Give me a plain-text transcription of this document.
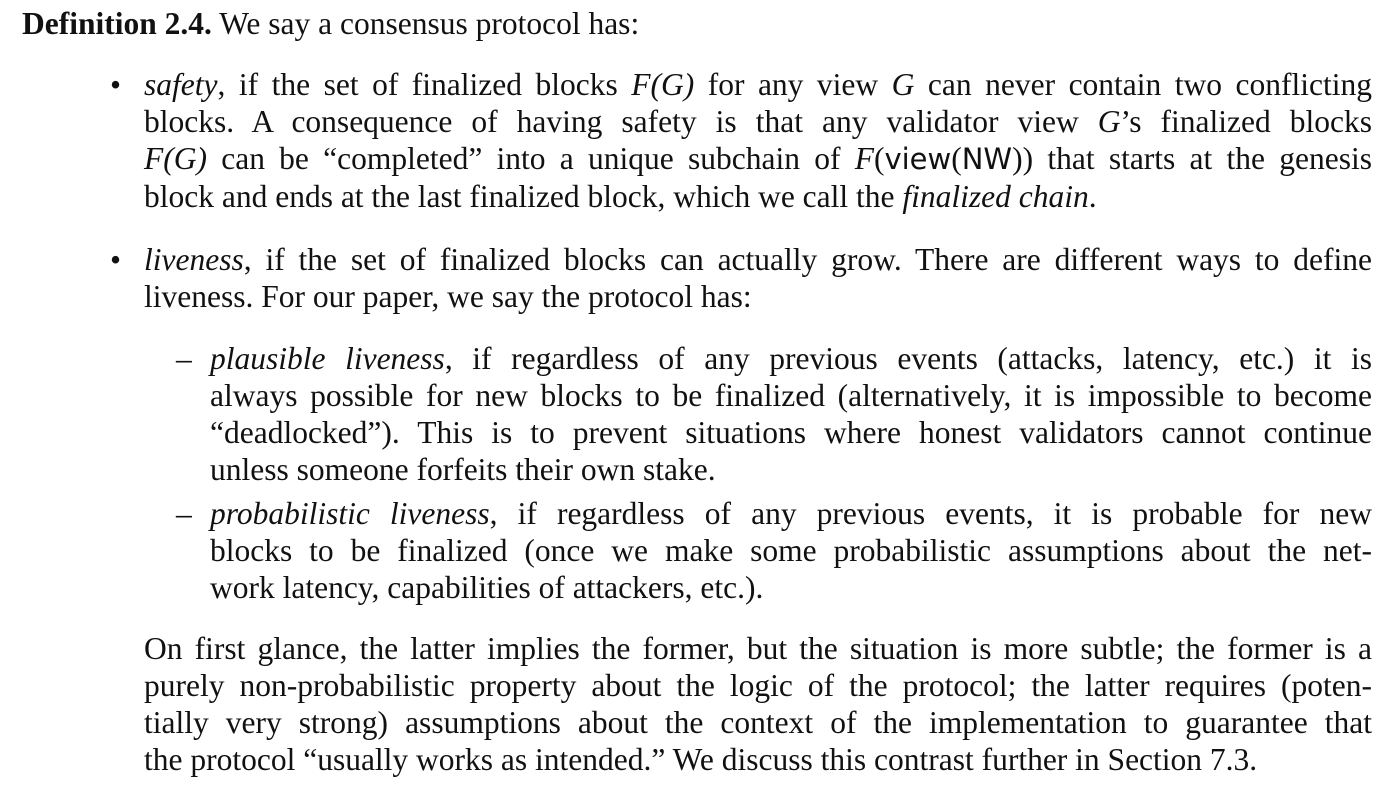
Definition 2.4. We say a consensus protocol has:

• safety, if the set of finalized blocks F(G) for any view G can never contain two conflicting
blocks. A consequence of having safety is that any validator view G’s finalized blocks
F(G) can be “completed” into a unique subchain of F(view(NW)) that starts at the genesis
block and ends at the last finalized block, which we call the finalized chain.
• liveness, if the set of finalized blocks can actually grow. There are different ways to define
liveness. For our paper, we say the protocol has:
– plausible liveness, if regardless of any previous events (attacks, latency, etc.) it is
always possible for new blocks to be finalized (alternatively, it is impossible to become
“deadlocked”). This is to prevent situations where honest validators cannot continue
unless someone forfeits their own stake.
– probabilistic liveness, if regardless of any previous events, it is probable for new
blocks to be finalized (once we make some probabilistic assumptions about the net-
work latency, capabilities of attackers, etc.).

On first glance, the latter implies the former, but the situation is more subtle; the former is a
purely non-probabilistic property about the logic of the protocol; the latter requires (poten-
tially very strong) assumptions about the context of the implementation to guarantee that
the protocol “usually works as intended.” We discuss this contrast further in Section 7.3.
